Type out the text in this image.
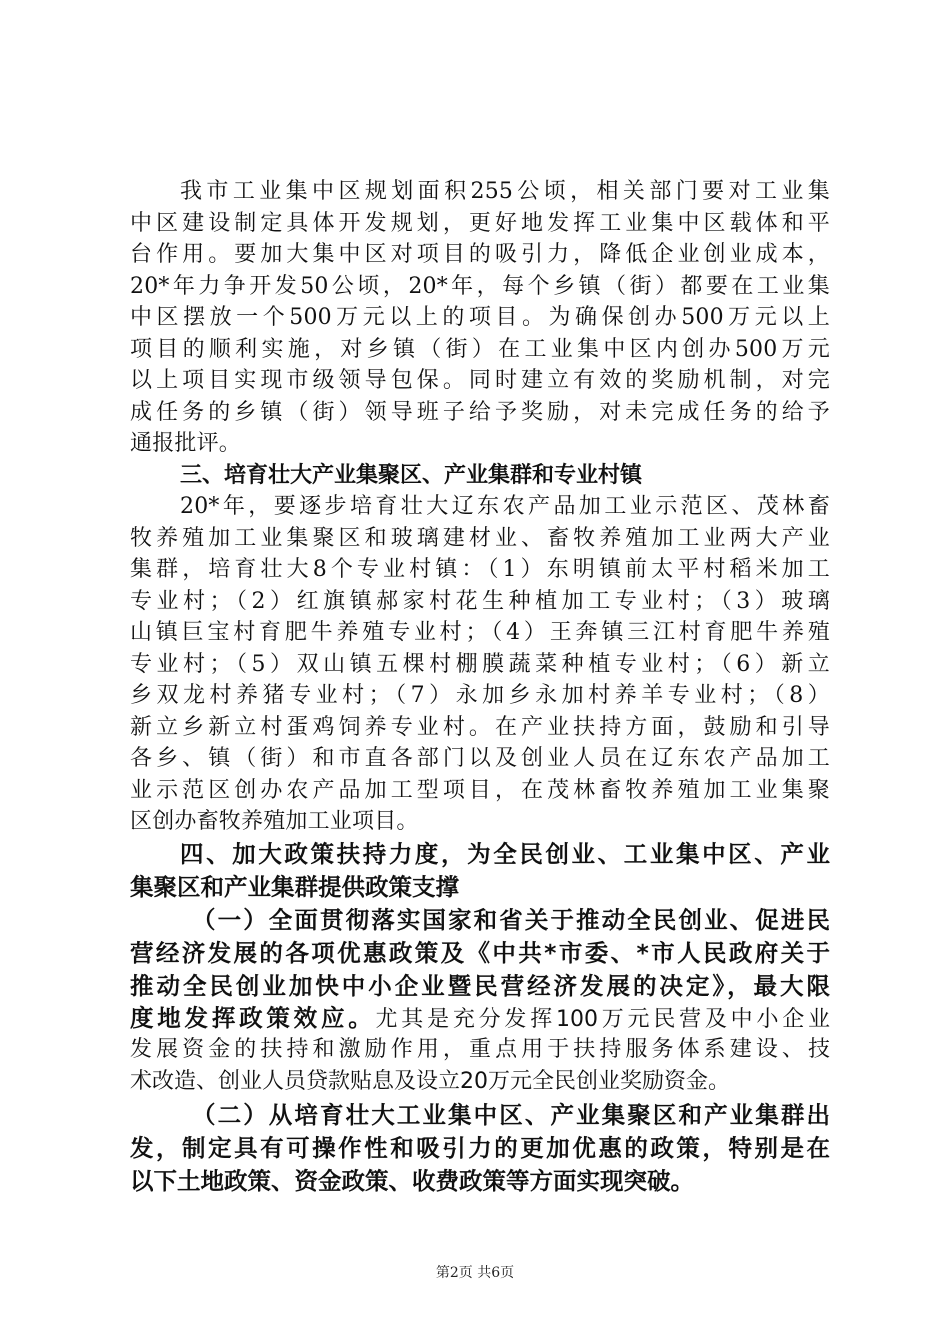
我市工业集中区规划面积255公顷，相关部门要对工业集
中区建设制定具体开发规划，更好地发挥工业集中区载体和平
台作用。要加大集中区对项目的吸引力，降低企业创业成本，
20*年力争开发50公顷，20*年，每个乡镇（街）都要在工业集
中区摆放一个500万元以上的项目。为确保创办500万元以上
项目的顺利实施，对乡镇（街）在工业集中区内创办500万元
以上项目实现市级领导包保。同时建立有效的奖励机制，对完
成任务的乡镇（街）领导班子给予奖励，对未完成任务的给予
通报批评。
三、培育壮大产业集聚区、产业集群和专业村镇
20*年，要逐步培育壮大辽东农产品加工业示范区、茂林畜
牧养殖加工业集聚区和玻璃建材业、畜牧养殖加工业两大产业
集群，培育壮大8个专业村镇：（1）东明镇前太平村稻米加工
专业村；（2）红旗镇郝家村花生种植加工专业村；（3）玻璃
山镇巨宝村育肥牛养殖专业村；（4）王奔镇三江村育肥牛养殖
专业村；（5）双山镇五棵村棚膜蔬菜种植专业村；（6）新立
乡双龙村养猪专业村；（7）永加乡永加村养羊专业村；（8）
新立乡新立村蛋鸡饲养专业村。在产业扶持方面，鼓励和引导
各乡、镇（街）和市直各部门以及创业人员在辽东农产品加工
业示范区创办农产品加工型项目，在茂林畜牧养殖加工业集聚
区创办畜牧养殖加工业项目。
四、加大政策扶持力度，为全民创业、工业集中区、产业
集聚区和产业集群提供政策支撑
（一）全面贯彻落实国家和省关于推动全民创业、促进民
营经济发展的各项优惠政策及《中共*市委、*市人民政府关于
推动全民创业加快中小企业暨民营经济发展的决定》，最大限
度地发挥政策效应。尤其是充分发挥100万元民营及中小企业
发展资金的扶持和激励作用，重点用于扶持服务体系建设、技
术改造、创业人员贷款贴息及设立20万元全民创业奖励资金。
（二）从培育壮大工业集中区、产业集聚区和产业集群出
发，制定具有可操作性和吸引力的更加优惠的政策，特别是在
以下土地政策、资金政策、收费政策等方面实现突破。
第2页 共6页
